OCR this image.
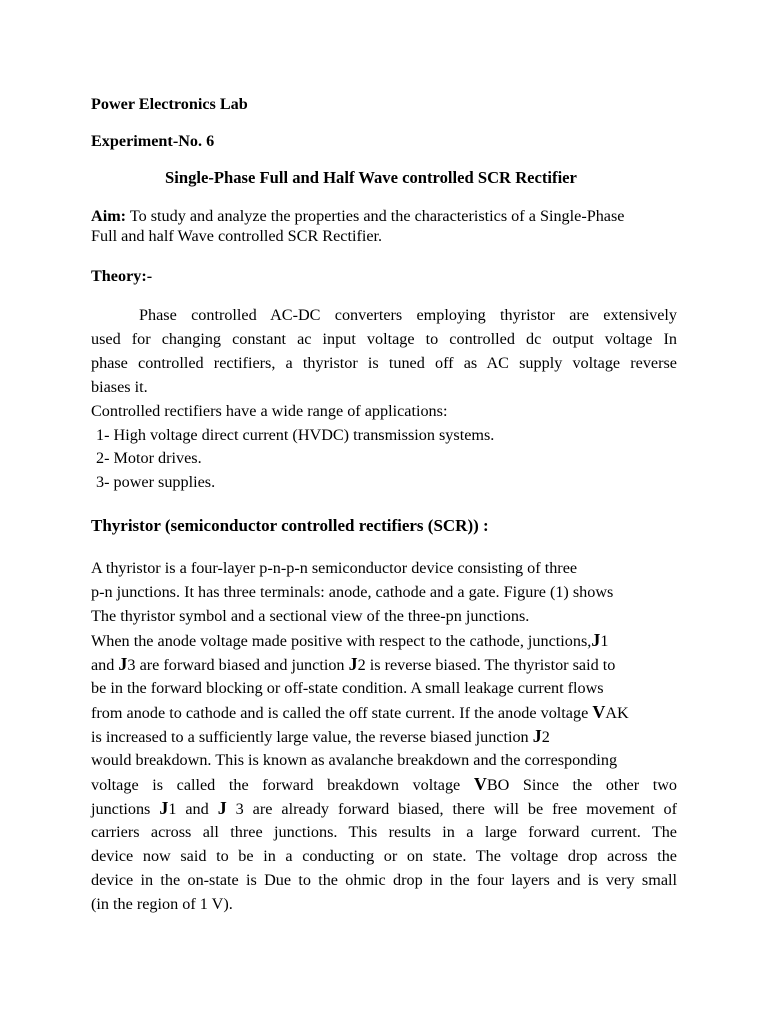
Power Electronics Lab
Experiment-No. 6
Single-Phase Full and Half Wave controlled SCR Rectifier
Aim: To study and analyze the properties and the characteristics of a Single-Phase
Full and half Wave controlled SCR Rectifier.
Theory:-
Phase controlled AC-DC converters employing thyristor are extensively
used for changing constant ac input voltage to controlled dc output voltage In
phase controlled rectifiers, a thyristor is tuned off as AC supply voltage reverse
biases it.
Controlled rectifiers have a wide range of applications:
1- High voltage direct current (HVDC) transmission systems.
2- Motor drives.
3- power supplies.
Thyristor (semiconductor controlled rectifiers (SCR)) :
A thyristor is a four-layer p-n-p-n semiconductor device consisting of three
p-n junctions. It has three terminals: anode, cathode and a gate. Figure (1) shows
The thyristor symbol and a sectional view of the three-pn junctions.
When the anode voltage made positive with respect to the cathode, junctions,J1
and J3 are forward biased and junction J2 is reverse biased. The thyristor said to
be in the forward blocking or off-state condition. A small leakage current flows
from anode to cathode and is called the off state current. If the anode voltage VAK
is increased to a sufficiently large value, the reverse biased junction J2
would breakdown. This is known as avalanche breakdown and the corresponding
voltage is called the forward breakdown voltage VBO Since the other two
junctions J1 and J 3 are already forward biased, there will be free movement of
carriers across all three junctions. This results in a large forward current. The
device now said to be in a conducting or on state. The voltage drop across the
device in the on-state is Due to the ohmic drop in the four layers and is very small
(in the region of 1 V).
